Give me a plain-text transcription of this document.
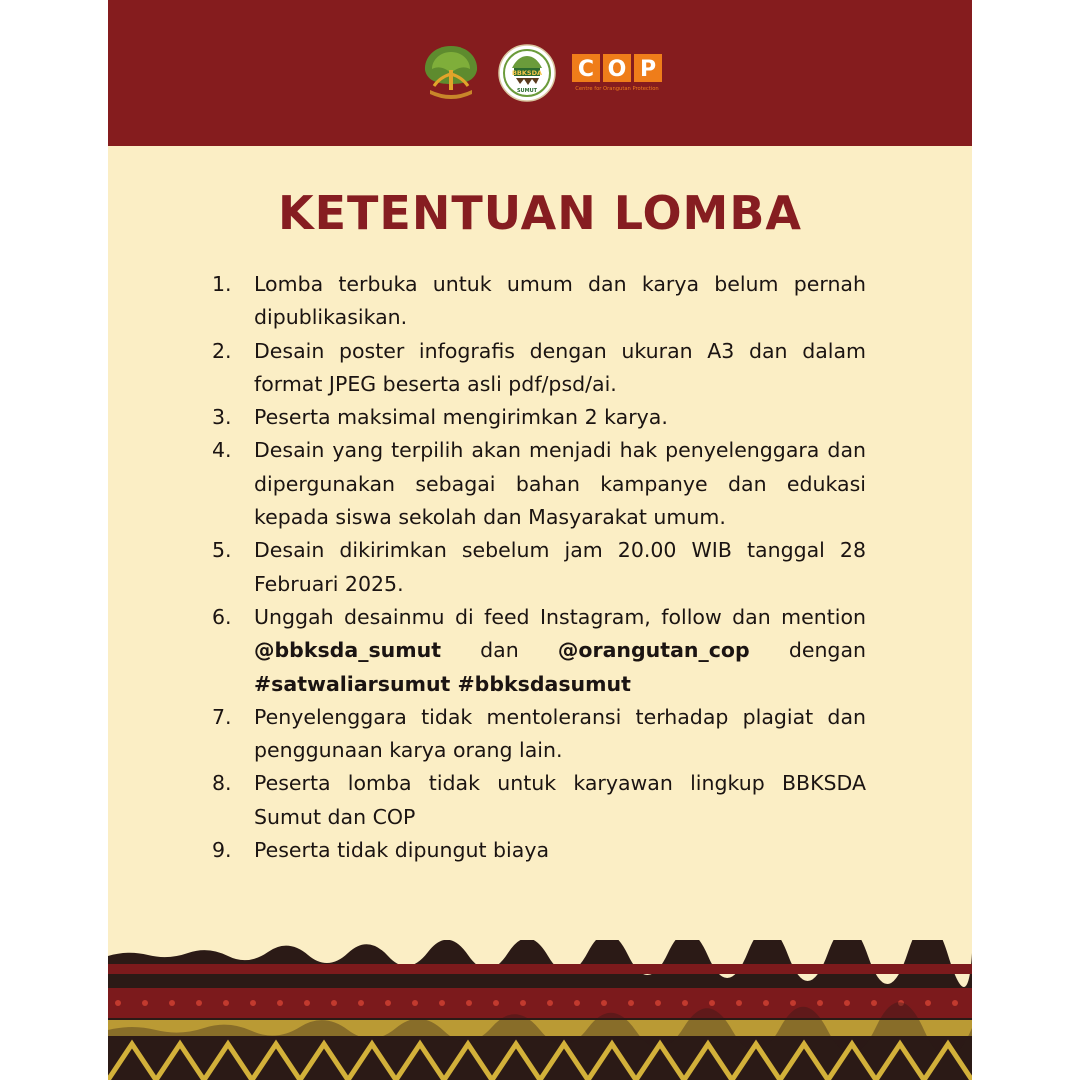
BBKSDA
SUMUT
C O P
Centre for Orangutan Protection
KETENTUAN LOMBA
1.	Lomba terbuka untuk umum dan karya belum pernah dipublikasikan.
2.	Desain poster infografis dengan ukuran A3 dan dalam format JPEG beserta asli pdf/psd/ai.
3.	Peserta maksimal mengirimkan 2 karya.
4.	Desain yang terpilih akan menjadi hak penyelenggara dan dipergunakan sebagai bahan kampanye dan edukasi kepada siswa sekolah dan Masyarakat umum.
5.	Desain dikirimkan sebelum jam 20.00 WIB tanggal 28 Februari 2025.
6.	Unggah desainmu di feed Instagram, follow dan mention @bbksda_sumut dan @orangutan_cop dengan #satwaliarsumut #bbksdasumut
7.	Penyelenggara tidak mentoleransi terhadap plagiat dan penggunaan karya orang lain.
8.	Peserta lomba tidak untuk karyawan lingkup BBKSDA Sumut dan COP
9.	Peserta tidak dipungut biaya
